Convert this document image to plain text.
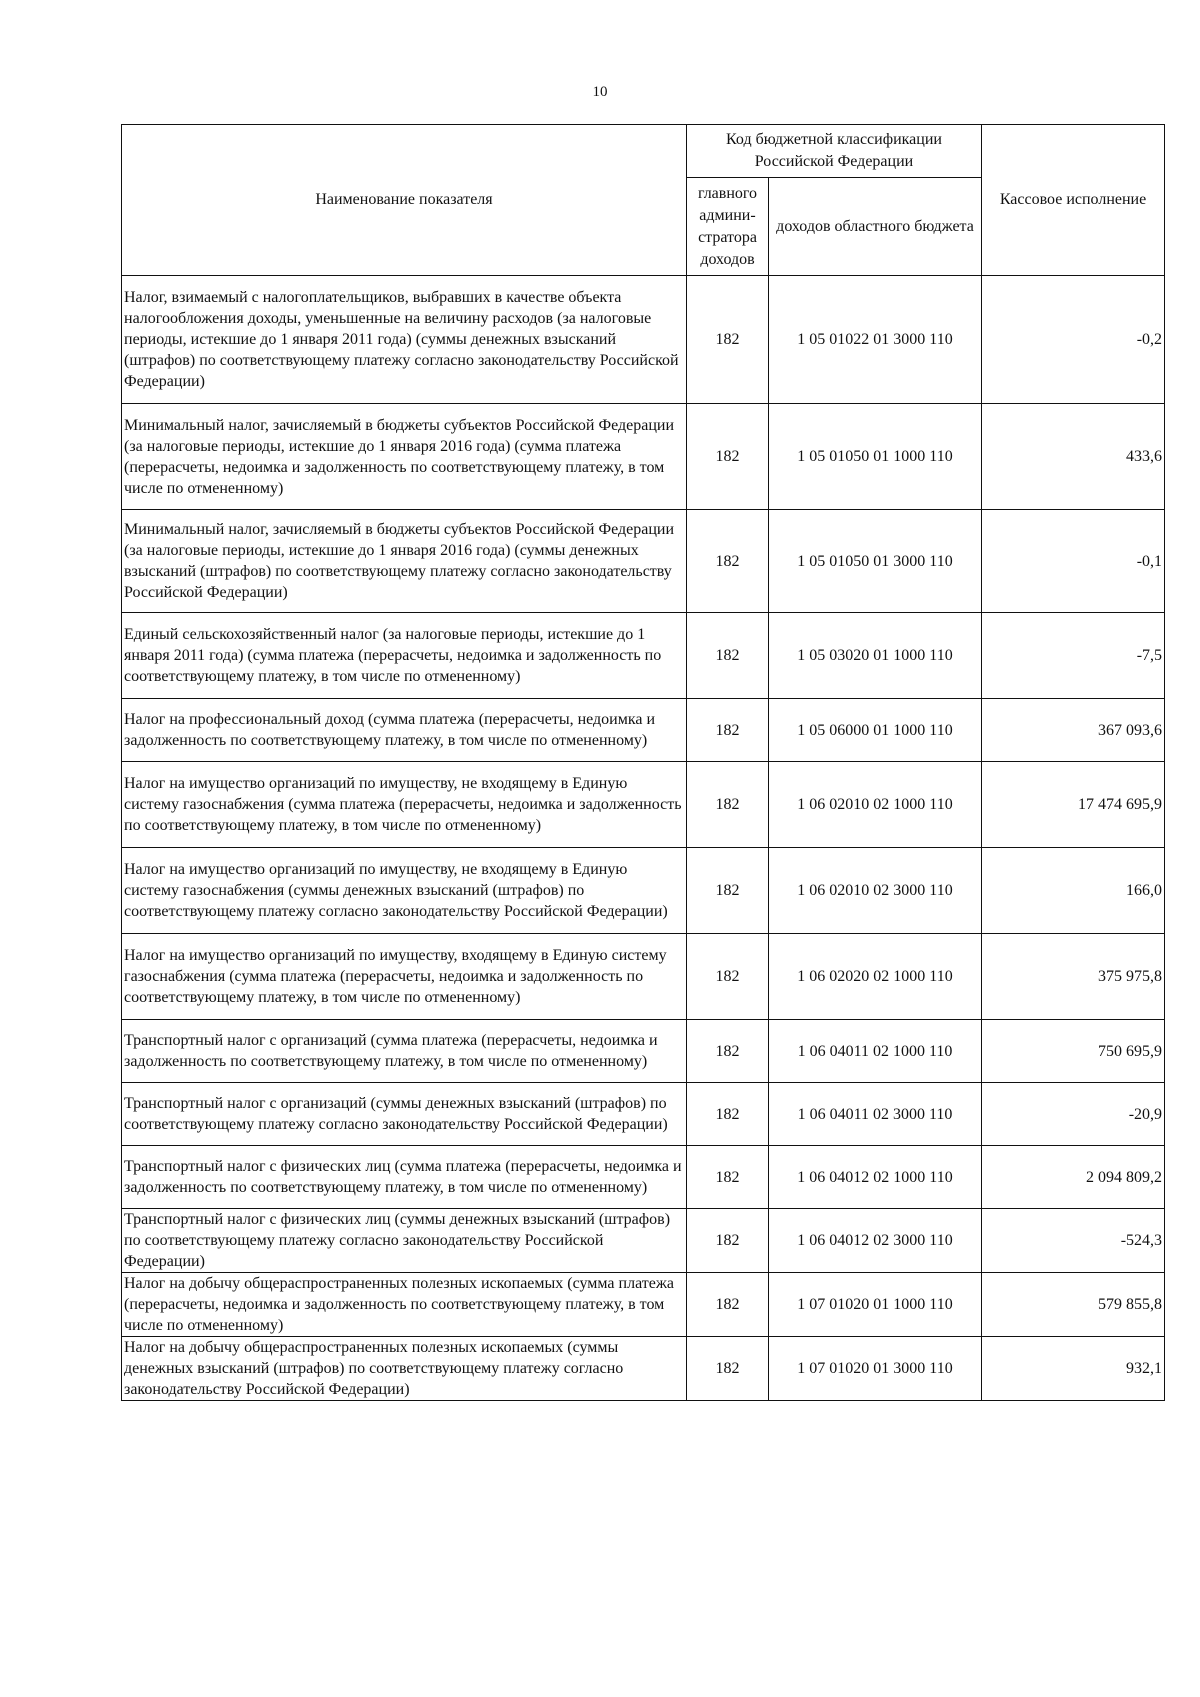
10
Наименование показателя	Код бюджетной классификации Российской Федерации		Кассовое исполнение
	главного админи-стратора доходов	доходов областного бюджета	
Налог, взимаемый с налогоплательщиков, выбравших в качестве объекта налогообложения доходы, уменьшенные на величину расходов (за налоговые периоды, истекшие до 1 января 2011 года) (суммы денежных взысканий (штрафов) по соответствующему платежу согласно законодательству Российской Федерации)	182	1 05 01022 01 3000 110	-0,2
Минимальный налог, зачисляемый в бюджеты субъектов Российской Федерации (за налоговые периоды, истекшие до 1 января 2016 года) (сумма платежа (перерасчеты, недоимка и задолженность по соответствующему платежу, в том числе по отмененному)	182	1 05 01050 01 1000 110	433,6
Минимальный налог, зачисляемый в бюджеты субъектов Российской Федерации (за налоговые периоды, истекшие до 1 января 2016 года) (суммы денежных взысканий (штрафов) по соответствующему платежу согласно законодательству Российской Федерации)	182	1 05 01050 01 3000 110	-0,1
Единый сельскохозяйственный налог (за налоговые периоды, истекшие до 1 января 2011 года) (сумма платежа (перерасчеты, недоимка и задолженность по соответствующему платежу, в том числе по отмененному)	182	1 05 03020 01 1000 110	-7,5
Налог на профессиональный доход (сумма платежа (перерасчеты, недоимка и задолженность по соответствующему платежу, в том числе по отмененному)	182	1 05 06000 01 1000 110	367 093,6
Налог на имущество организаций по имуществу, не входящему в Единую систему газоснабжения (сумма платежа (перерасчеты, недоимка и задолженность по соответствующему платежу, в том числе по отмененному)	182	1 06 02010 02 1000 110	17 474 695,9
Налог на имущество организаций по имуществу, не входящему в Единую систему газоснабжения (суммы денежных взысканий (штрафов) по соответствующему платежу согласно законодательству Российской Федерации)	182	1 06 02010 02 3000 110	166,0
Налог на имущество организаций по имуществу, входящему в Единую систему газоснабжения (сумма платежа (перерасчеты, недоимка и задолженность по соответствующему платежу, в том числе по отмененному)	182	1 06 02020 02 1000 110	375 975,8
Транспортный налог с организаций (сумма платежа (перерасчеты, недоимка и задолженность по соответствующему платежу, в том числе по отмененному)	182	1 06 04011 02 1000 110	750 695,9
Транспортный налог с организаций (суммы денежных взысканий (штрафов) по соответствующему платежу согласно законодательству Российской Федерации)	182	1 06 04011 02 3000 110	-20,9
Транспортный налог с физических лиц (сумма платежа (перерасчеты, недоимка и задолженность по соответствующему платежу, в том числе по отмененному)	182	1 06 04012 02 1000 110	2 094 809,2
Транспортный налог с физических лиц (суммы денежных взысканий (штрафов) по соответствующему платежу согласно законодательству Российской Федерации)	182	1 06 04012 02 3000 110	-524,3
Налог на добычу общераспространенных полезных ископаемых (сумма платежа (перерасчеты, недоимка и задолженность по соответствующему платежу, в том числе по отмененному)	182	1 07 01020 01 1000 110	579 855,8
Налог на добычу общераспространенных полезных ископаемых (суммы денежных взысканий (штрафов) по соответствующему платежу согласно законодательству Российской Федерации)	182	1 07 01020 01 3000 110	932,1
